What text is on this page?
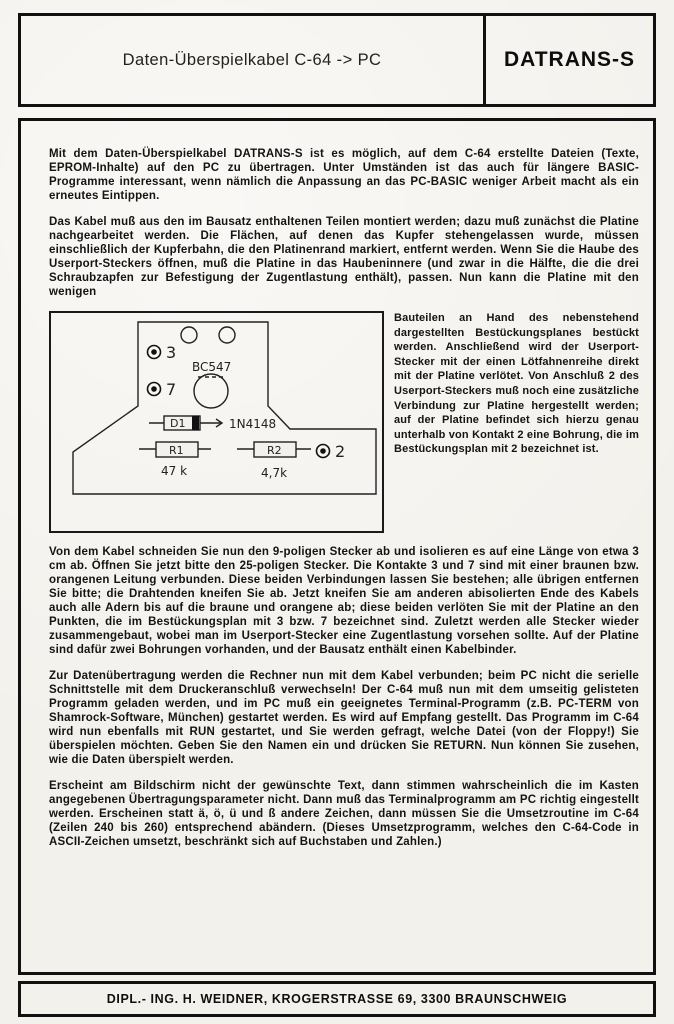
Daten-Überspielkabel C-64 -> PC	DATRANS-S

Mit dem Daten-Überspielkabel DATRANS-S ist es möglich, auf dem C-64 erstellte Dateien (Texte, EPROM-Inhalte) auf den PC zu übertragen. Unter Umständen ist das auch für längere BASIC-Programme interessant, wenn nämlich die Anpassung an das PC-BASIC weniger Arbeit macht als ein erneutes Eintippen.

Das Kabel muß aus den im Bausatz enthaltenen Teilen montiert werden; dazu muß zunächst die Platine nachgearbeitet werden. Die Flächen, auf denen das Kupfer stehengelassen wurde, müssen einschließlich der Kupferbahn, die den Platinenrand markiert, entfernt werden. Wenn Sie die Haube des Userport-Steckers öffnen, muß die Platine in das Haubeninnere (und zwar in die Hälfte, die die drei Schraubzapfen zur Befestigung der Zugentlastung enthält), passen. Nun kann die Platine mit den wenigen

3
BC547
7
D1	1N4148
R1
47 k
R2
4,7k
2
Bauteilen an Hand des nebenstehend dargestellten Bestückungsplanes bestückt werden. Anschließend wird der Userport-Stecker mit der einen Lötfahnenreihe direkt mit der Platine verlötet. Von Anschluß 2 des Userport-Steckers muß noch eine zusätzliche Verbindung zur Platine hergestellt werden; auf der Platine befindet sich hierzu genau unterhalb von Kontakt 2 eine Bohrung, die im Bestückungsplan mit 2 bezeichnet ist.

Von dem Kabel schneiden Sie nun den 9-poligen Stecker ab und isolieren es auf eine Länge von etwa 3 cm ab. Öffnen Sie jetzt bitte den 25-poligen Stecker. Die Kontakte 3 und 7 sind mit einer braunen bzw. orangenen Leitung verbunden. Diese beiden Verbindungen lassen Sie bestehen; alle übrigen entfernen Sie bitte; die Drahtenden kneifen Sie ab. Jetzt kneifen Sie am anderen abisolierten Ende des Kabels auch alle Adern bis auf die braune und orangene ab; diese beiden verlöten Sie mit der Platine an den Punkten, die im Bestückungsplan mit 3 bzw. 7 bezeichnet sind. Zuletzt werden alle Stecker wieder zusammengebaut, wobei man im Userport-Stecker eine Zugentlastung vorsehen sollte. Auf der Platine sind dafür zwei Bohrungen vorhanden, und der Bausatz enthält einen Kabelbinder.

Zur Datenübertragung werden die Rechner nun mit dem Kabel verbunden; beim PC nicht die serielle Schnittstelle mit dem Druckeranschluß verwechseln! Der C-64 muß nun mit dem umseitig gelisteten Programm geladen werden, und im PC muß ein geeignetes Terminal-Programm (z.B. PC-TERM von Shamrock-Software, München) gestartet werden. Es wird auf Empfang gestellt. Das Programm im C-64 wird nun ebenfalls mit RUN gestartet, und Sie werden gefragt, welche Datei (von der Floppy!) Sie überspielen möchten. Geben Sie den Namen ein und drücken Sie RETURN. Nun können Sie zusehen, wie die Daten überspielt werden.

Erscheint am Bildschirm nicht der gewünschte Text, dann stimmen wahrscheinlich die im Kasten angegebenen Übertragungsparameter nicht. Dann muß das Terminalprogramm am PC richtig eingestellt werden. Erscheinen statt ä, ö, ü und ß andere Zeichen, dann müssen Sie die Umsetzroutine im C-64 (Zeilen 240 bis 260) entsprechend abändern. (Dieses Umsetzprogramm, welches den C-64-Code in ASCII-Zeichen umsetzt, beschränkt sich auf Buchstaben und Zahlen.)

DIPL.- ING. H. WEIDNER, KROGERSTRASSE 69, 3300 BRAUNSCHWEIG
